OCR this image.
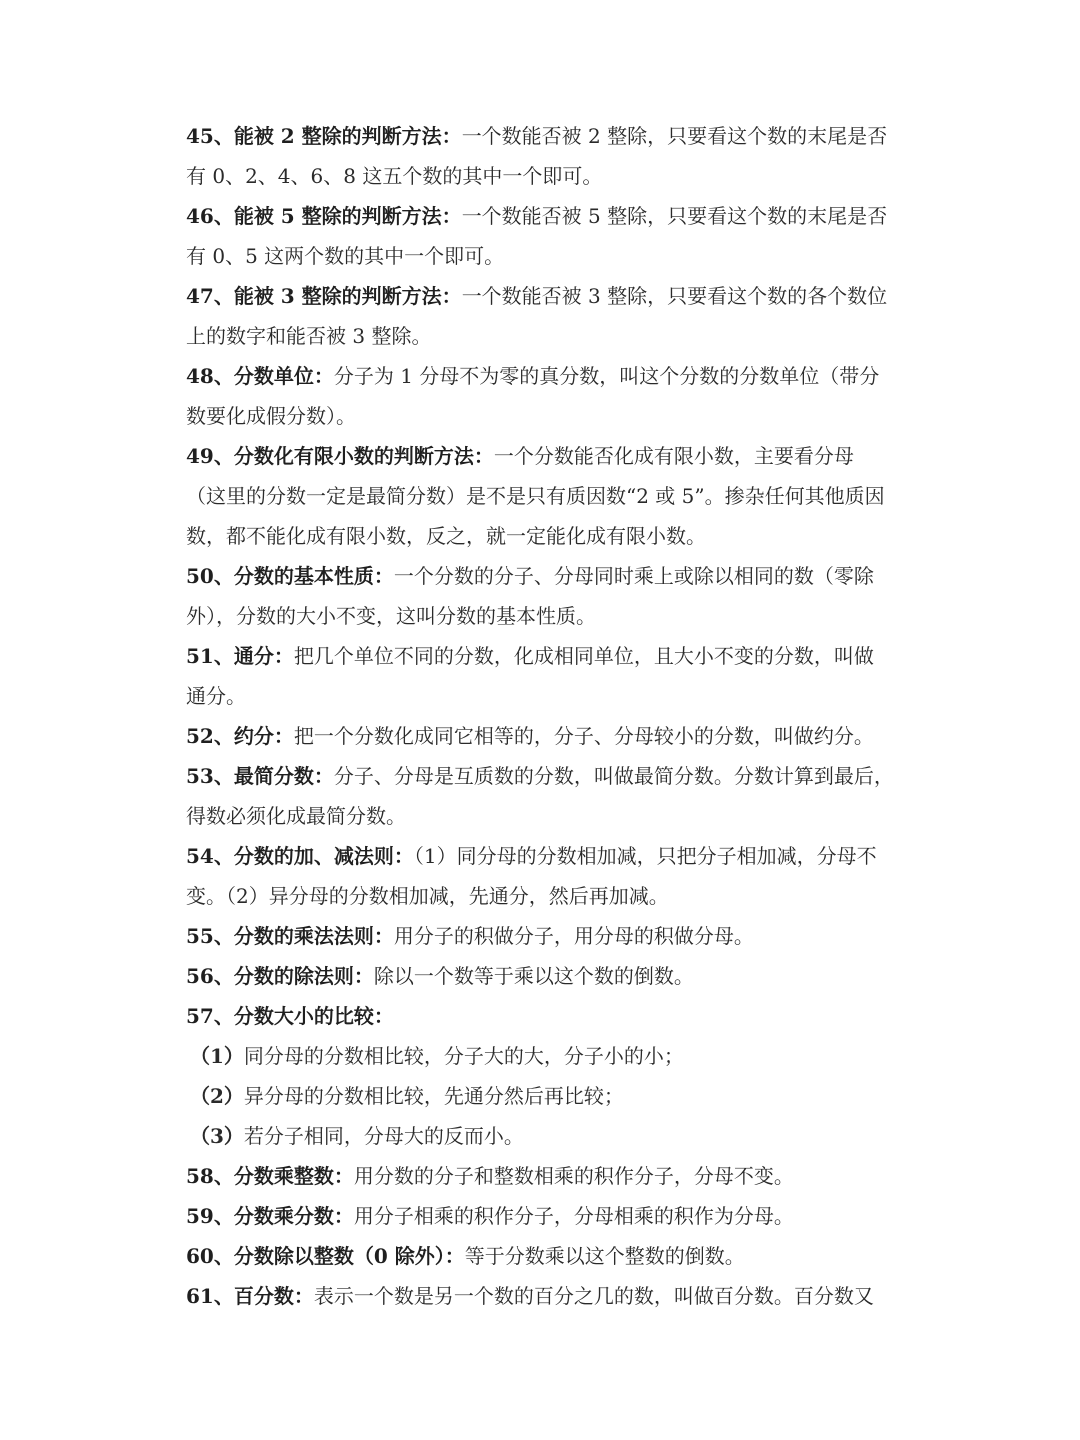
45、能被 2 整除的判断方法：一个数能否被 2 整除，只要看这个数的末尾是否
有 0、2、4、6、8 这五个数的其中一个即可。
46、能被 5 整除的判断方法：一个数能否被 5 整除，只要看这个数的末尾是否
有 0、5 这两个数的其中一个即可。
47、能被 3 整除的判断方法：一个数能否被 3 整除，只要看这个数的各个数位
上的数字和能否被 3 整除。
48、分数单位：分子为 1 分母不为零的真分数，叫这个分数的分数单位（带分
数要化成假分数）。
49、分数化有限小数的判断方法：一个分数能否化成有限小数，主要看分母
（这里的分数一定是最简分数）是不是只有质因数“2 或 5”。掺杂任何其他质因
数，都不能化成有限小数，反之，就一定能化成有限小数。
50、分数的基本性质：一个分数的分子、分母同时乘上或除以相同的数（零除
外），分数的大小不变，这叫分数的基本性质。
51、通分：把几个单位不同的分数，化成相同单位，且大小不变的分数，叫做
通分。
52、约分：把一个分数化成同它相等的，分子、分母较小的分数，叫做约分。
53、最简分数：分子、分母是互质数的分数，叫做最简分数。分数计算到最后，
得数必须化成最简分数。
54、分数的加、减法则：（1）同分母的分数相加减，只把分子相加减，分母不
变。（2）异分母的分数相加减，先通分，然后再加减。
55、分数的乘法法则：用分子的积做分子，用分母的积做分母。
56、分数的除法则：除以一个数等于乘以这个数的倒数。
57、分数大小的比较：
（1）同分母的分数相比较，分子大的大，分子小的小；
（2）异分母的分数相比较，先通分然后再比较；
（3）若分子相同，分母大的反而小。
58、分数乘整数：用分数的分子和整数相乘的积作分子，分母不变。
59、分数乘分数：用分子相乘的积作分子，分母相乘的积作为分母。
60、分数除以整数（0 除外）：等于分数乘以这个整数的倒数。
61、百分数：表示一个数是另一个数的百分之几的数，叫做百分数。百分数又
